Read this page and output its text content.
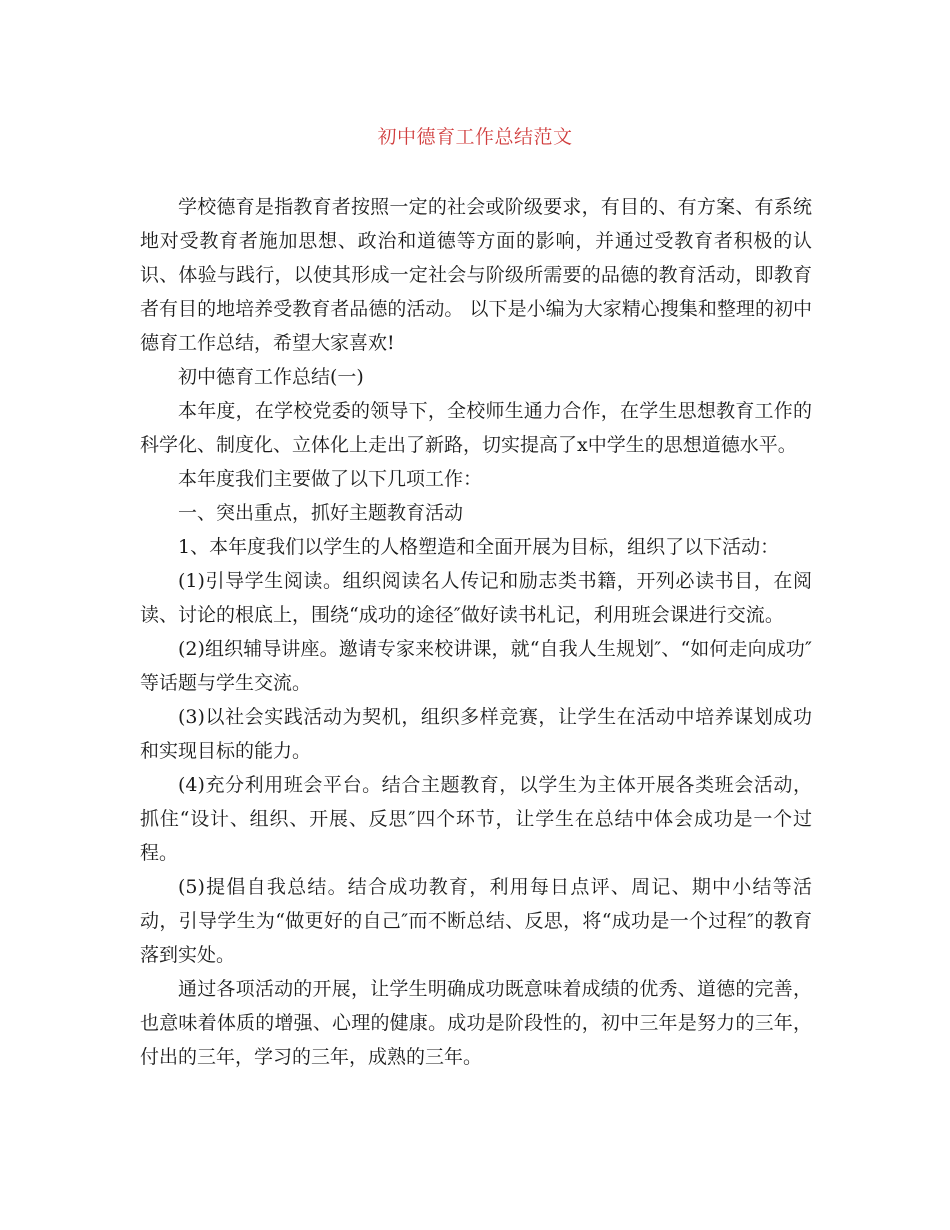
初中德育工作总结范文

学校德育是指教育者按照一定的社会或阶级要求，有目的、有方案、有系统地对受教育者施加思想、政治和道德等方面的影响，并通过受教育者积极的认识、体验与践行，以使其形成一定社会与阶级所需要的品德的教育活动，即教育者有目的地培养受教育者品德的活动。 以下是小编为大家精心搜集和整理的初中德育工作总结，希望大家喜欢!

初中德育工作总结(一)

本年度，在学校党委的领导下，全校师生通力合作，在学生思想教育工作的科学化、制度化、立体化上走出了新路，切实提高了x中学生的思想道德水平。

本年度我们主要做了以下几项工作：

一、突出重点，抓好主题教育活动

1、本年度我们以学生的人格塑造和全面开展为目标，组织了以下活动：

(1)引导学生阅读。组织阅读名人传记和励志类书籍，开列必读书目，在阅读、讨论的根底上，围绕“成功的途径″做好读书札记，利用班会课进行交流。

(2)组织辅导讲座。邀请专家来校讲课，就“自我人生规划″、“如何走向成功″等话题与学生交流。

(3)以社会实践活动为契机，组织多样竞赛，让学生在活动中培养谋划成功和实现目标的能力。

(4)充分利用班会平台。结合主题教育，以学生为主体开展各类班会活动，抓住“设计、组织、开展、反思″四个环节，让学生在总结中体会成功是一个过程。

(5)提倡自我总结。结合成功教育，利用每日点评、周记、期中小结等活动，引导学生为“做更好的自己″而不断总结、反思，将“成功是一个过程″的教育落到实处。

通过各项活动的开展，让学生明确成功既意味着成绩的优秀、道德的完善，也意味着体质的增强、心理的健康。成功是阶段性的，初中三年是努力的三年，付出的三年，学习的三年，成熟的三年。
